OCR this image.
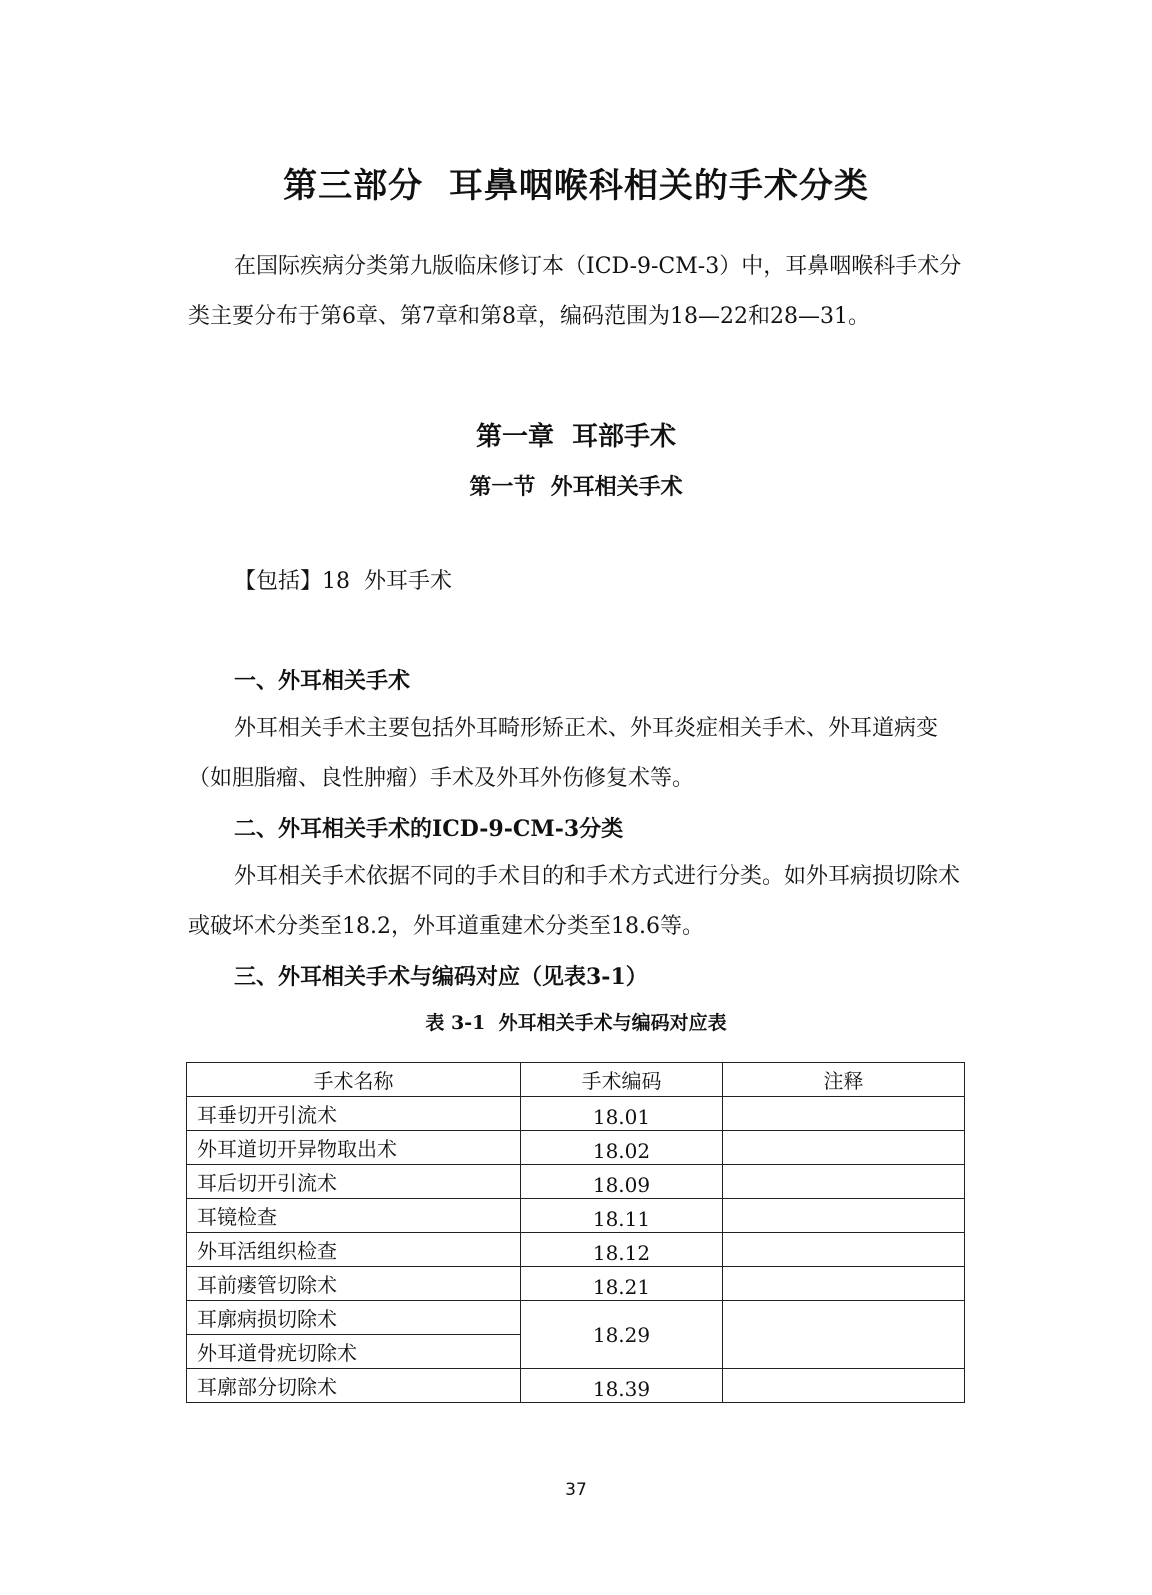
第三部分  耳鼻咽喉科相关的手术分类

在国际疾病分类第九版临床修订本（ICD-9-CM-3）中，耳鼻咽喉科手术分类主要分布于第6章、第7章和第8章，编码范围为18—22和28—31。

第一章  耳部手术
第一节  外耳相关手术
【包括】18  外耳手术
一、外耳相关手术

外耳相关手术主要包括外耳畸形矫正术、外耳炎症相关手术、外耳道病变（如胆脂瘤、良性肿瘤）手术及外耳外伤修复术等。

二、外耳相关手术的ICD-9-CM-3分类

外耳相关手术依据不同的手术目的和手术方式进行分类。如外耳病损切除术或破坏术分类至18.2，外耳道重建术分类至18.6等。

三、外耳相关手术与编码对应（见表3-1）
表 3-1  外耳相关手术与编码对应表
手术名称	手术编码	注释
耳垂切开引流术	18.01	
外耳道切开异物取出术	18.02	
耳后切开引流术	18.09	
耳镜检查	18.11	
外耳活组织检查	18.12	
耳前瘘管切除术	18.21	
耳廓病损切除术	18.29	
外耳道骨疣切除术		
耳廓部分切除术	18.39	
37
